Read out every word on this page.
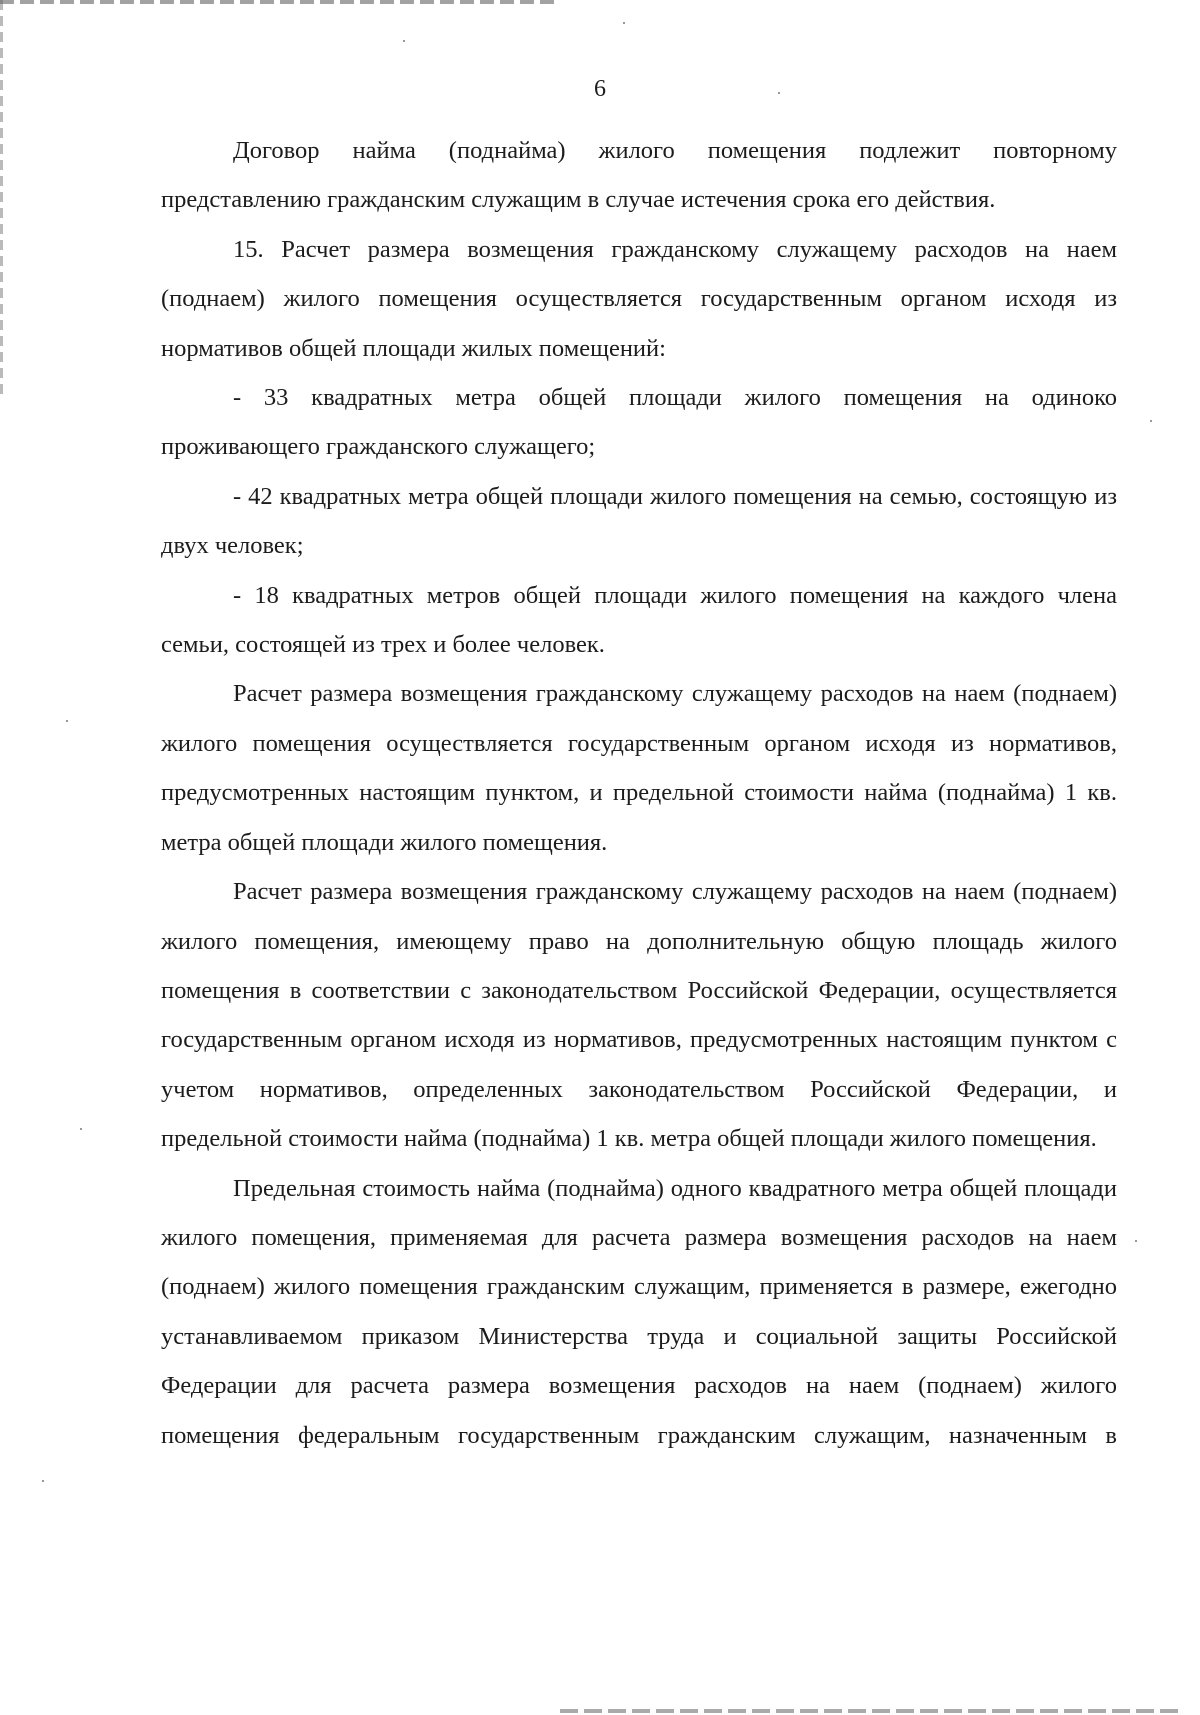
6

Договор найма (поднайма) жилого помещения подлежит повторному представлению гражданским служащим в случае истечения срока его действия.

15. Расчет размера возмещения гражданскому служащему расходов на наем (поднаем) жилого помещения осуществляется государственным органом исходя из нормативов общей площади жилых помещений:

- 33 квадратных метра общей площади жилого помещения на одиноко проживающего гражданского служащего;

- 42 квадратных метра общей площади жилого помещения на семью, состоящую из двух человек;

- 18 квадратных метров общей площади жилого помещения на каждого члена семьи, состоящей из трех и более человек.

Расчет размера возмещения гражданскому служащему расходов на наем (поднаем) жилого помещения осуществляется государственным органом исходя из нормативов, предусмотренных настоящим пунктом, и предельной стоимости найма (поднайма) 1 кв. метра общей площади жилого помещения.

Расчет размера возмещения гражданскому служащему расходов на наем (поднаем) жилого помещения, имеющему право на дополнительную общую площадь жилого помещения в соответствии с законодательством Российской Федерации, осуществляется государственным органом исходя из нормативов, предусмотренных настоящим пунктом с учетом нормативов, определенных законодательством Российской Федерации, и предельной стоимости найма (поднайма) 1 кв. метра общей площади жилого помещения.

Предельная стоимость найма (поднайма) одного квадратного метра общей площади жилого помещения, применяемая для расчета размера возмещения расходов на наем (поднаем) жилого помещения гражданским служащим, применяется в размере, ежегодно устанавливаемом приказом Министерства труда и социальной защиты Российской Федерации для расчета размера возмещения расходов на наем (поднаем) жилого помещения федеральным государственным гражданским служащим, назначенным в
